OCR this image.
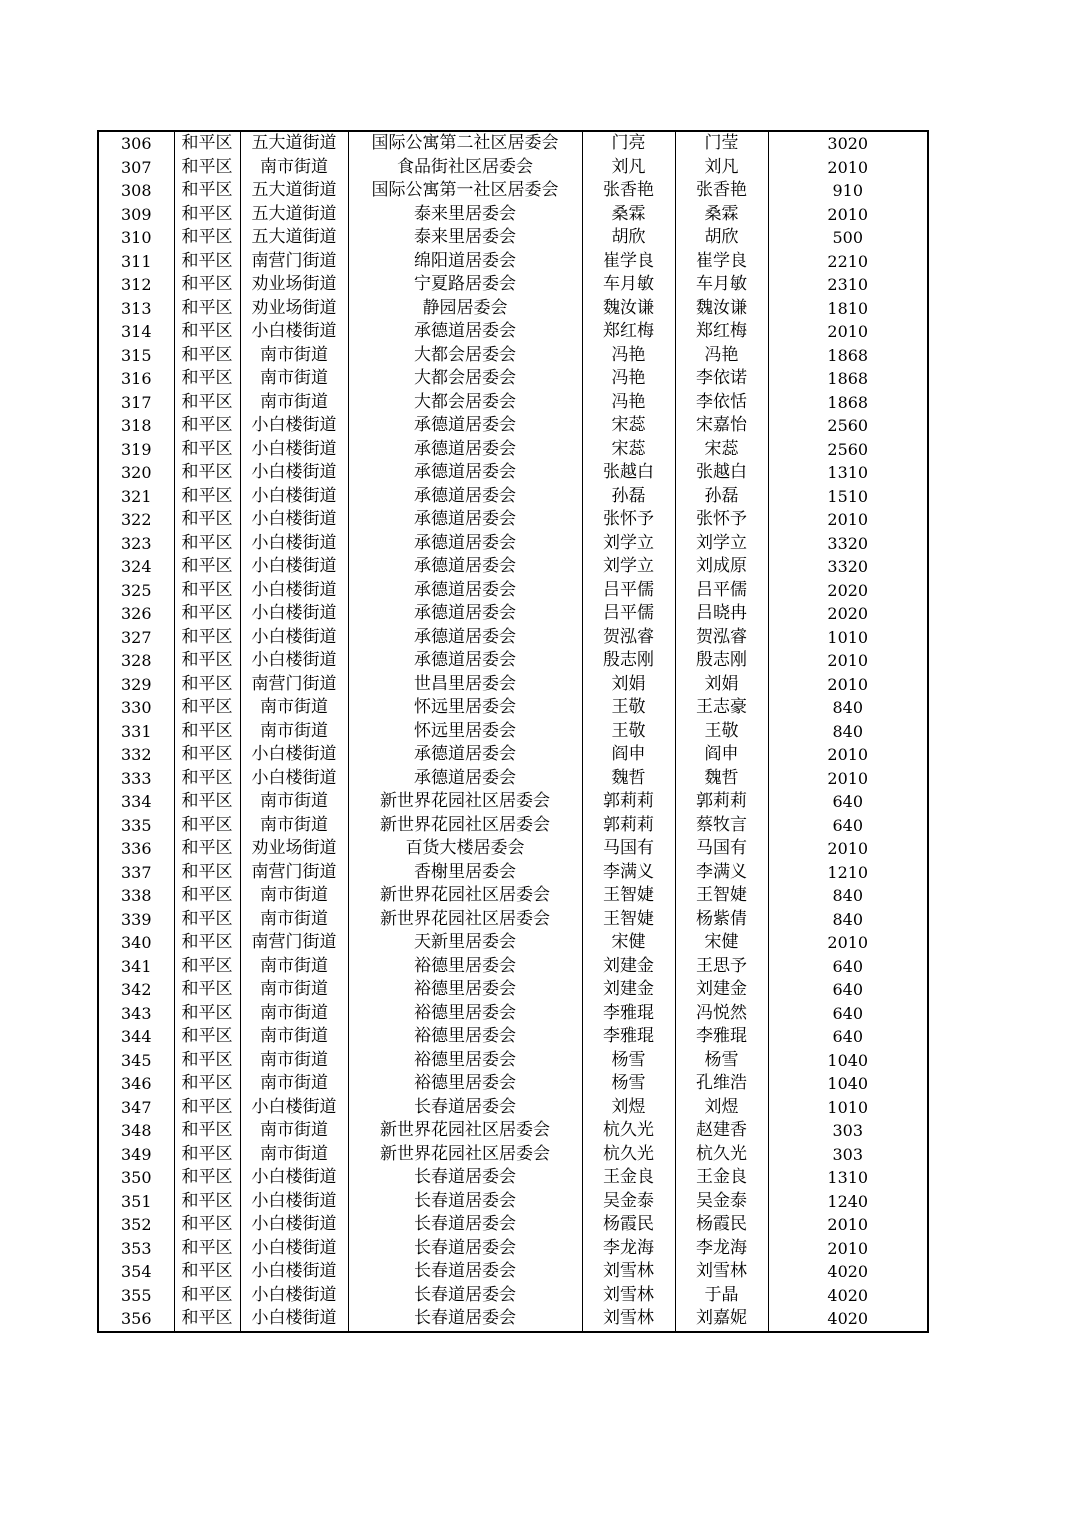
306	和平区	五大道街道	国际公寓第二社区居委会	门亮	门莹	3020
307	和平区	南市街道	食品街社区居委会	刘凡	刘凡	2010
308	和平区	五大道街道	国际公寓第一社区居委会	张香艳	张香艳	910
309	和平区	五大道街道	泰来里居委会	桑霖	桑霖	2010
310	和平区	五大道街道	泰来里居委会	胡欣	胡欣	500
311	和平区	南营门街道	绵阳道居委会	崔学良	崔学良	2210
312	和平区	劝业场街道	宁夏路居委会	车月敏	车月敏	2310
313	和平区	劝业场街道	静园居委会	魏汝谦	魏汝谦	1810
314	和平区	小白楼街道	承德道居委会	郑红梅	郑红梅	2010
315	和平区	南市街道	大都会居委会	冯艳	冯艳	1868
316	和平区	南市街道	大都会居委会	冯艳	李依诺	1868
317	和平区	南市街道	大都会居委会	冯艳	李依恬	1868
318	和平区	小白楼街道	承德道居委会	宋蕊	宋嘉怡	2560
319	和平区	小白楼街道	承德道居委会	宋蕊	宋蕊	2560
320	和平区	小白楼街道	承德道居委会	张越白	张越白	1310
321	和平区	小白楼街道	承德道居委会	孙磊	孙磊	1510
322	和平区	小白楼街道	承德道居委会	张怀予	张怀予	2010
323	和平区	小白楼街道	承德道居委会	刘学立	刘学立	3320
324	和平区	小白楼街道	承德道居委会	刘学立	刘成原	3320
325	和平区	小白楼街道	承德道居委会	吕平儒	吕平儒	2020
326	和平区	小白楼街道	承德道居委会	吕平儒	吕晓冉	2020
327	和平区	小白楼街道	承德道居委会	贺泓睿	贺泓睿	1010
328	和平区	小白楼街道	承德道居委会	殷志刚	殷志刚	2010
329	和平区	南营门街道	世昌里居委会	刘娟	刘娟	2010
330	和平区	南市街道	怀远里居委会	王敬	王志豪	840
331	和平区	南市街道	怀远里居委会	王敬	王敬	840
332	和平区	小白楼街道	承德道居委会	阎申	阎申	2010
333	和平区	小白楼街道	承德道居委会	魏哲	魏哲	2010
334	和平区	南市街道	新世界花园社区居委会	郭莉莉	郭莉莉	640
335	和平区	南市街道	新世界花园社区居委会	郭莉莉	蔡牧言	640
336	和平区	劝业场街道	百货大楼居委会	马国有	马国有	2010
337	和平区	南营门街道	香榭里居委会	李满义	李满义	1210
338	和平区	南市街道	新世界花园社区居委会	王智婕	王智婕	840
339	和平区	南市街道	新世界花园社区居委会	王智婕	杨紫倩	840
340	和平区	南营门街道	天新里居委会	宋健	宋健	2010
341	和平区	南市街道	裕德里居委会	刘建金	王思予	640
342	和平区	南市街道	裕德里居委会	刘建金	刘建金	640
343	和平区	南市街道	裕德里居委会	李雅琨	冯悦然	640
344	和平区	南市街道	裕德里居委会	李雅琨	李雅琨	640
345	和平区	南市街道	裕德里居委会	杨雪	杨雪	1040
346	和平区	南市街道	裕德里居委会	杨雪	孔维浩	1040
347	和平区	小白楼街道	长春道居委会	刘煜	刘煜	1010
348	和平区	南市街道	新世界花园社区居委会	杭久光	赵建香	303
349	和平区	南市街道	新世界花园社区居委会	杭久光	杭久光	303
350	和平区	小白楼街道	长春道居委会	王金良	王金良	1310
351	和平区	小白楼街道	长春道居委会	吴金泰	吴金泰	1240
352	和平区	小白楼街道	长春道居委会	杨霞民	杨霞民	2010
353	和平区	小白楼街道	长春道居委会	李龙海	李龙海	2010
354	和平区	小白楼街道	长春道居委会	刘雪林	刘雪林	4020
355	和平区	小白楼街道	长春道居委会	刘雪林	于晶	4020
356	和平区	小白楼街道	长春道居委会	刘雪林	刘嘉妮	4020
